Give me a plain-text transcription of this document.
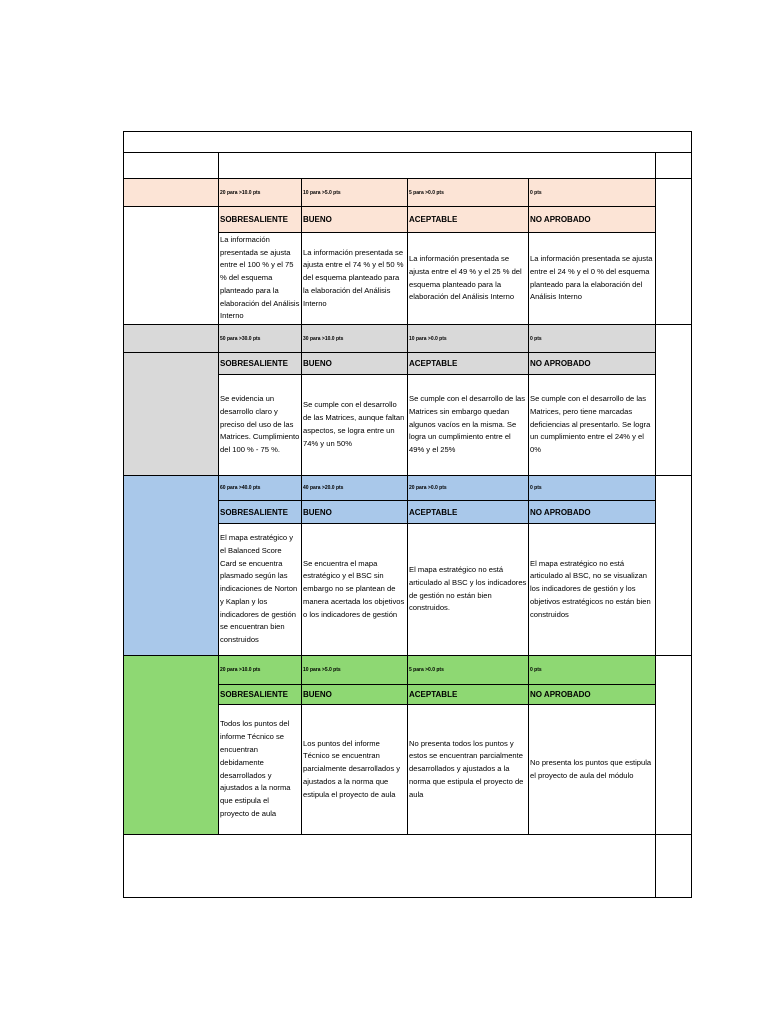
20 para >10.0 pts
SOBRESALIENTE
La información presentada se ajusta entre el 100 % y el 75 % del esquema planteado para la elaboración del Análisis Interno
10 para >5.0 pts
BUENO
La información presentada se ajusta entre el 74 % y el 50 % del esquema planteado para la elaboración del Análisis Interno
5 para >0.0 pts
ACEPTABLE
La información presentada se ajusta entre el 49 % y el 25 % del esquema planteado para la elaboración del Análisis Interno
0 pts
NO APROBADO
La información presentada se ajusta entre el 24 % y el 0 % del esquema planteado para la elaboración del Análisis Interno
50 para >30.0 pts
SOBRESALIENTE
Se evidencia un desarrollo claro y preciso del uso de las Matrices. Cumplimiento del 100 % - 75 %.
30 para >10.0 pts
BUENO
Se cumple con el desarrollo de las Matrices, aunque faltan aspectos, se logra entre un 74% y un 50%
10 para >0.0 pts
ACEPTABLE
Se cumple con el desarrollo de las Matrices sin embargo quedan algunos vacíos en la misma. Se logra un cumplimiento entre el 49% y el 25%
0 pts
NO APROBADO
Se cumple con el desarrollo de las Matrices, pero tiene marcadas deficiencias al presentarlo. Se logra un cumplimiento entre el 24% y el 0%
60 para >40.0 pts
SOBRESALIENTE
El mapa estratégico y el Balanced Score Card se encuentra plasmado según las indicaciones de Norton y Kaplan y los indicadores de gestión se encuentran bien construidos
40 para >20.0 pts
BUENO
Se encuentra el mapa estratégico y el BSC sin embargo no se plantean de manera acertada los objetivos o los indicadores de gestión
20 para >0.0 pts
ACEPTABLE
El mapa estratégico no está articulado al BSC y los indicadores de gestión no están bien construidos.
0 pts
NO APROBADO
El mapa estratégico no está articulado al BSC, no se visualizan los indicadores de gestión y los objetivos estratégicos no están bien construidos
20 para >10.0 pts
SOBRESALIENTE
Todos los puntos del informe Técnico se encuentran debidamente desarrollados y ajustados a la norma que estipula el proyecto de aula
10 para >5.0 pts
BUENO
Los puntos del informe Técnico se encuentran parcialmente desarrollados y ajustados a la norma que estipula el proyecto de aula
5 para >0.0 pts
ACEPTABLE
No presenta todos los puntos y estos se encuentran parcialmente desarrollados y ajustados a la norma que estipula el proyecto de aula
0 pts
NO APROBADO
No presenta los puntos que estipula el proyecto de aula del módulo
